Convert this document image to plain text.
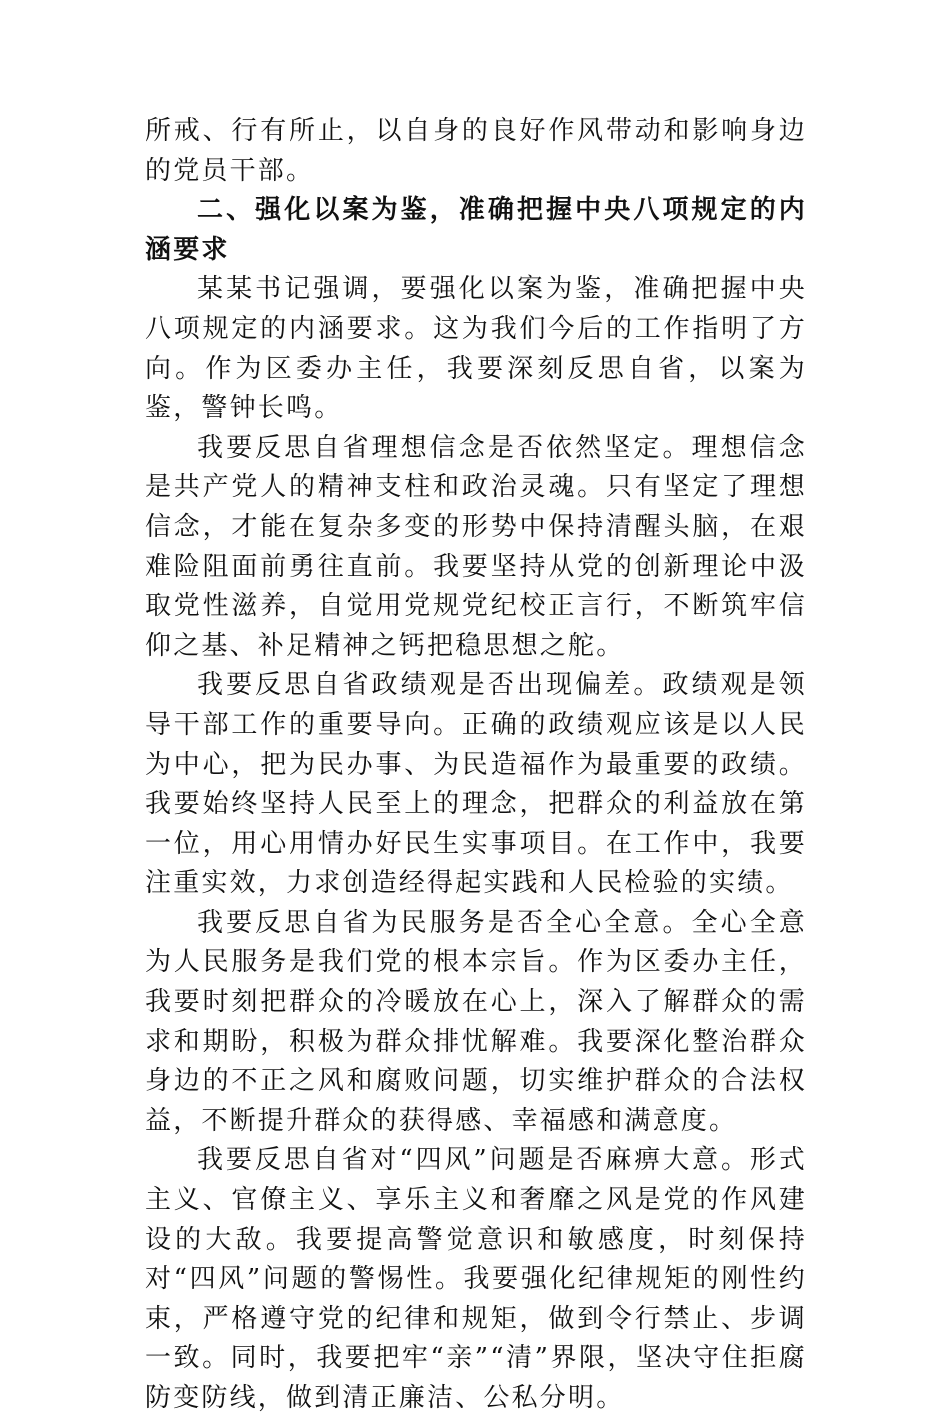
所戒、行有所止，以自身的良好作风带动和影响身边的党员干部。

二、强化以案为鉴，准确把握中央八项规定的内涵要求

某某书记强调，要强化以案为鉴，准确把握中央八项规定的内涵要求。这为我们今后的工作指明了方向。作为区委办主任，我要深刻反思自省，以案为鉴，警钟长鸣。

我要反思自省理想信念是否依然坚定。理想信念是共产党人的精神支柱和政治灵魂。只有坚定了理想信念，才能在复杂多变的形势中保持清醒头脑，在艰难险阻面前勇往直前。我要坚持从党的创新理论中汲取党性滋养，自觉用党规党纪校正言行，不断筑牢信仰之基、补足精神之钙把稳思想之舵。

我要反思自省政绩观是否出现偏差。政绩观是领导干部工作的重要导向。正确的政绩观应该是以人民为中心，把为民办事、为民造福作为最重要的政绩。我要始终坚持人民至上的理念，把群众的利益放在第一位，用心用情办好民生实事项目。在工作中，我要注重实效，力求创造经得起实践和人民检验的实绩。

我要反思自省为民服务是否全心全意。全心全意为人民服务是我们党的根本宗旨。作为区委办主任，我要时刻把群众的冷暖放在心上，深入了解群众的需求和期盼，积极为群众排忧解难。我要深化整治群众身边的不正之风和腐败问题，切实维护群众的合法权益，不断提升群众的获得感、幸福感和满意度。

我要反思自省对“四风”问题是否麻痹大意。形式主义、官僚主义、享乐主义和奢靡之风是党的作风建设的大敌。我要提高警觉意识和敏感度，时刻保持对“四风”问题的警惕性。我要强化纪律规矩的刚性约束，严格遵守党的纪律和规矩，做到令行禁止、步调一致。同时，我要把牢“亲”“清”界限，坚决守住拒腐防变防线，做到清正廉洁、公私分明。
